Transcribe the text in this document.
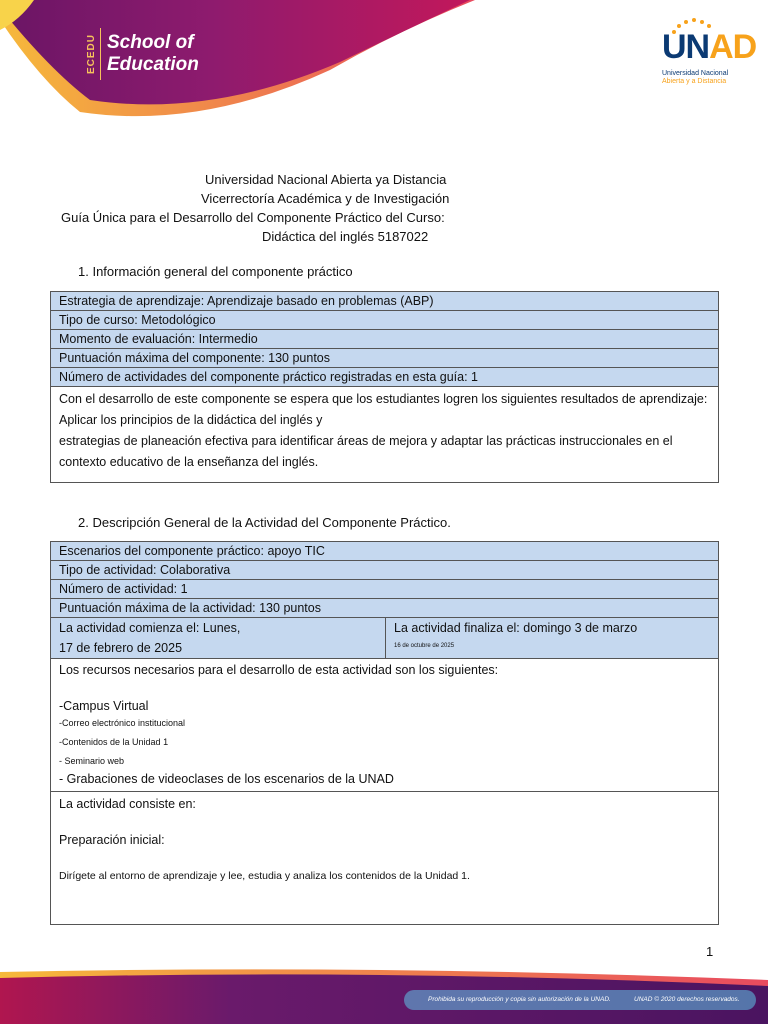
ECEDU School of
Education	UNAD
Universidad Nacional
Abierta y a Distancia
Universidad Nacional Abierta ya Distancia
Vicerrectoría Académica y de Investigación
Guía Única para el Desarrollo del Componente Práctico del Curso:
Didáctica del inglés 5187022
1. Información general del componente práctico
Estrategia de aprendizaje: Aprendizaje basado en problemas (ABP)
Tipo de curso: Metodológico
Momento de evaluación: Intermedio
Puntuación máxima del componente: 130 puntos
Número de actividades del componente práctico registradas en esta guía: 1

Con el desarrollo de este componente se espera que los estudiantes logren los siguientes resultados de aprendizaje:
Aplicar los principios de la didáctica del inglés y
estrategias de planeación efectiva para identificar áreas de mejora y adaptar las prácticas instruccionales en el contexto educativo de la enseñanza del inglés.
2. Descripción General de la Actividad del Componente Práctico.
Escenarios del componente práctico: apoyo TIC
Tipo de actividad: Colaborativa
Número de actividad: 1
Puntuación máxima de la actividad: 130 puntos

La actividad comienza el: Lunes,
17 de febrero de 2025

La actividad finaliza el: domingo 3 de marzo
16 de octubre de 2025

Los recursos necesarios para el desarrollo de esta actividad son los siguientes:
-Campus Virtual
-Correo electrónico institucional
-Contenidos de la Unidad 1
- Seminario web
- Grabaciones de videoclases de los escenarios de la UNAD

La actividad consiste en:
Preparación inicial:
Dirígete al entorno de aprendizaje y lee, estudia y analiza los contenidos de la Unidad 1.
1
Prohibida su reproducción y copia sin autorización de la UNAD.	UNAD © 2020 derechos reservados.
